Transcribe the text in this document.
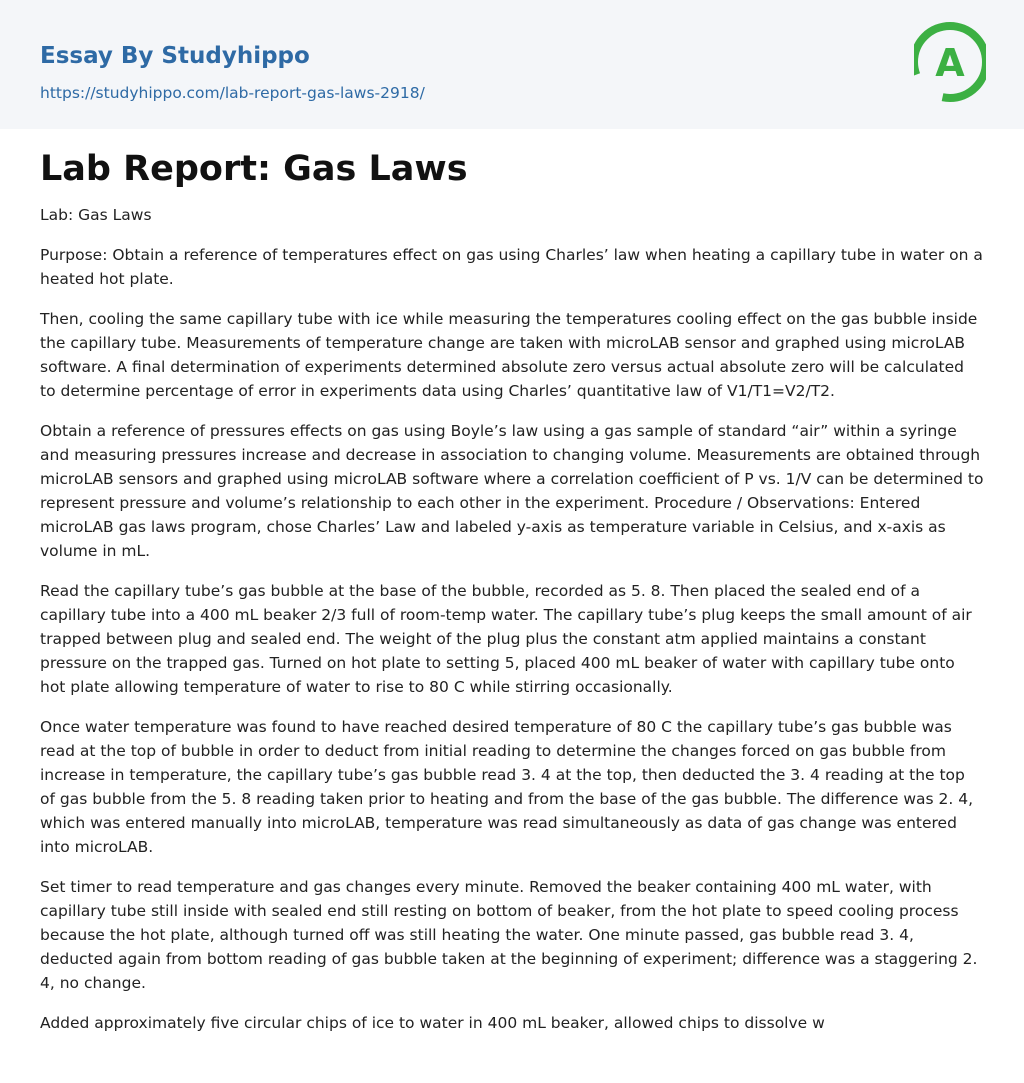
Essay By Studyhippo
https://studyhippo.com/lab-report-gas-laws-2918/
A
Lab Report: Gas Laws

Lab: Gas Laws

Purpose: Obtain a reference of temperatures effect on gas using Charles’ law when heating a capillary tube in water on a heated hot plate.

Then, cooling the same capillary tube with ice while measuring the temperatures cooling effect on the gas bubble inside the capillary tube. Measurements of temperature change are taken with microLAB sensor and graphed using microLAB software. A final determination of experiments determined absolute zero versus actual absolute zero will be calculated to determine percentage of error in experiments data using Charles’ quantitative law of V1/T1=V2/T2.

Obtain a reference of pressures effects on gas using Boyle’s law using a gas sample of standard “air” within a syringe and measuring pressures increase and decrease in association to changing volume. Measurements are obtained through microLAB sensors and graphed using microLAB software where a correlation coefficient of P vs. 1/V can be determined to represent pressure and volume’s relationship to each other in the experiment. Procedure / Observations: Entered microLAB gas laws program, chose Charles’ Law and labeled y-axis as temperature variable in Celsius, and x-axis as volume in mL.

Read the capillary tube’s gas bubble at the base of the bubble, recorded as 5. 8. Then placed the sealed end of a capillary tube into a 400 mL beaker 2/3 full of room-temp water. The capillary tube’s plug keeps the small amount of air trapped between plug and sealed end. The weight of the plug plus the constant atm applied maintains a constant pressure on the trapped gas. Turned on hot plate to setting 5, placed 400 mL beaker of water with capillary tube onto hot plate allowing temperature of water to rise to 80 C while stirring occasionally.

Once water temperature was found to have reached desired temperature of 80 C the capillary tube’s gas bubble was read at the top of bubble in order to deduct from initial reading to determine the changes forced on gas bubble from increase in temperature, the capillary tube’s gas bubble read 3. 4 at the top, then deducted the 3. 4 reading at the top of gas bubble from the 5. 8 reading taken prior to heating and from the base of the gas bubble. The difference was 2. 4, which was entered manually into microLAB, temperature was read simultaneously as data of gas change was entered into microLAB.

Set timer to read temperature and gas changes every minute. Removed the beaker containing 400 mL water, with capillary tube still inside with sealed end still resting on bottom of beaker, from the hot plate to speed cooling process because the hot plate, although turned off was still heating the water. One minute passed, gas bubble read 3. 4, deducted again from bottom reading of gas bubble taken at the beginning of experiment; difference was a staggering 2. 4, no change.

Added approximately five circular chips of ice to water in 400 mL beaker, allowed chips to dissolve w
